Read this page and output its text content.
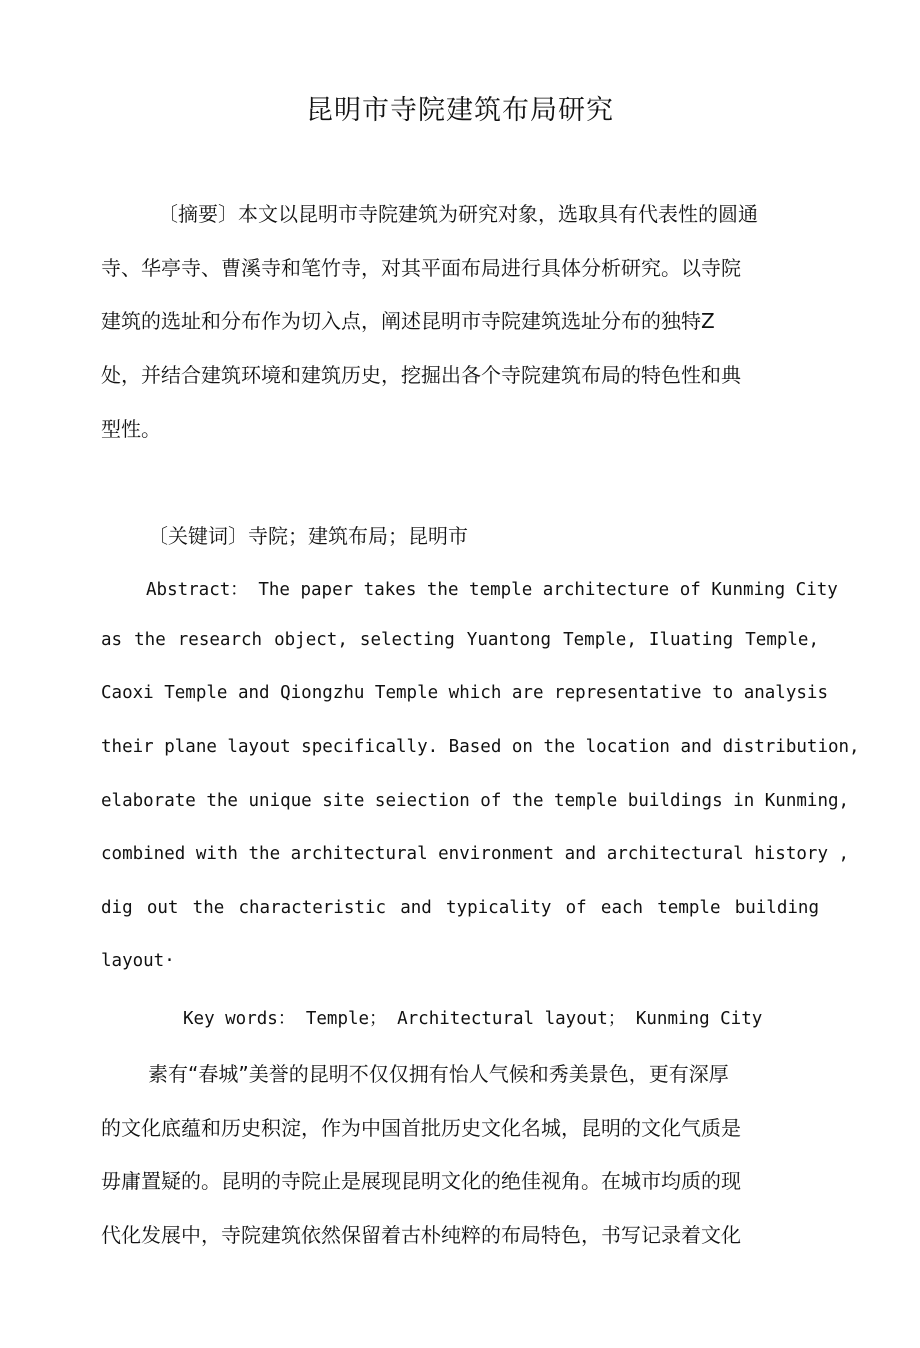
昆明市寺院建筑布局研究
〔摘要〕本文以昆明市寺院建筑为研究对象，选取具有代表性的圆通
寺、华亭寺、曹溪寺和笔竹寺，对其平面布局进行具体分析研究。以寺院
建筑的选址和分布作为切入点，阐述昆明市寺院建筑选址分布的独特Z
处，并结合建筑环境和建筑历史，挖掘出各个寺院建筑布局的特色性和典
型性。
〔关键词〕寺院；建筑布局；昆明市
Abstract： The paper takes the temple architecture of Kunming City
as the research object, selecting Yuantong Temple, Iluating Temple,
Caoxi Temple and Qiongzhu Temple which are representative to analysis
their plane layout specifically. Based on the location and distribution,
elaborate the unique site seiection of the temple buildings in Kunming,
combined with the architectural environment and architectural history ,
dig out the characteristic and typicality of each temple building
layout·
Key words： Temple； Architectural layout； Kunming City
素有“春城”美誉的昆明不仅仅拥有怡人气候和秀美景色，更有深厚
的文化底蕴和历史积淀，作为中国首批历史文化名城，昆明的文化气质是
毋庸置疑的。昆明的寺院止是展现昆明文化的绝佳视角。在城市均质的现
代化发展中，寺院建筑依然保留着古朴纯粹的布局特色，书写记录着文化
